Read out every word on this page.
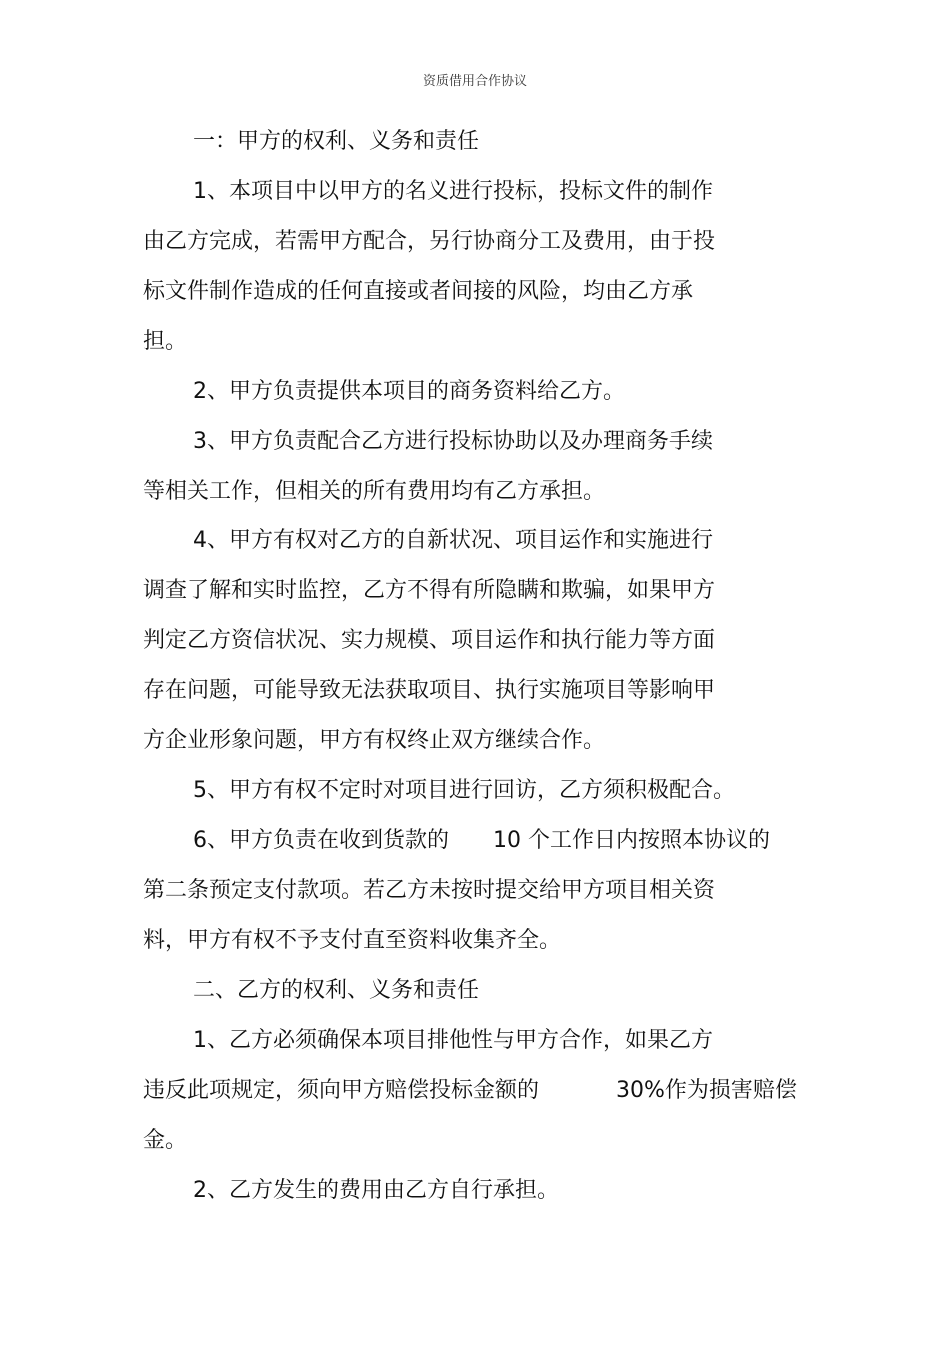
资质借用合作协议
一：甲方的权利、义务和责任
1、本项目中以甲方的名义进行投标，投标文件的制作
由乙方完成，若需甲方配合，另行协商分工及费用，由于投
标文件制作造成的任何直接或者间接的风险，均由乙方承
担。
2、甲方负责提供本项目的商务资料给乙方。
3、甲方负责配合乙方进行投标协助以及办理商务手续
等相关工作，但相关的所有费用均有乙方承担。
4、甲方有权对乙方的自新状况、项目运作和实施进行
调查了解和实时监控，乙方不得有所隐瞒和欺骗，如果甲方
判定乙方资信状况、实力规模、项目运作和执行能力等方面
存在问题，可能导致无法获取项目、执行实施项目等影响甲
方企业形象问题，甲方有权终止双方继续合作。
5、甲方有权不定时对项目进行回访，乙方须积极配合。
6、甲方负责在收到货款的 10 个工作日内按照本协议的
第二条预定支付款项。若乙方未按时提交给甲方项目相关资
料，甲方有权不予支付直至资料收集齐全。
二、乙方的权利、义务和责任
1、乙方必须确保本项目排他性与甲方合作，如果乙方
违反此项规定，须向甲方赔偿投标金额的	30%作为损害赔偿
金。
2、乙方发生的费用由乙方自行承担。
